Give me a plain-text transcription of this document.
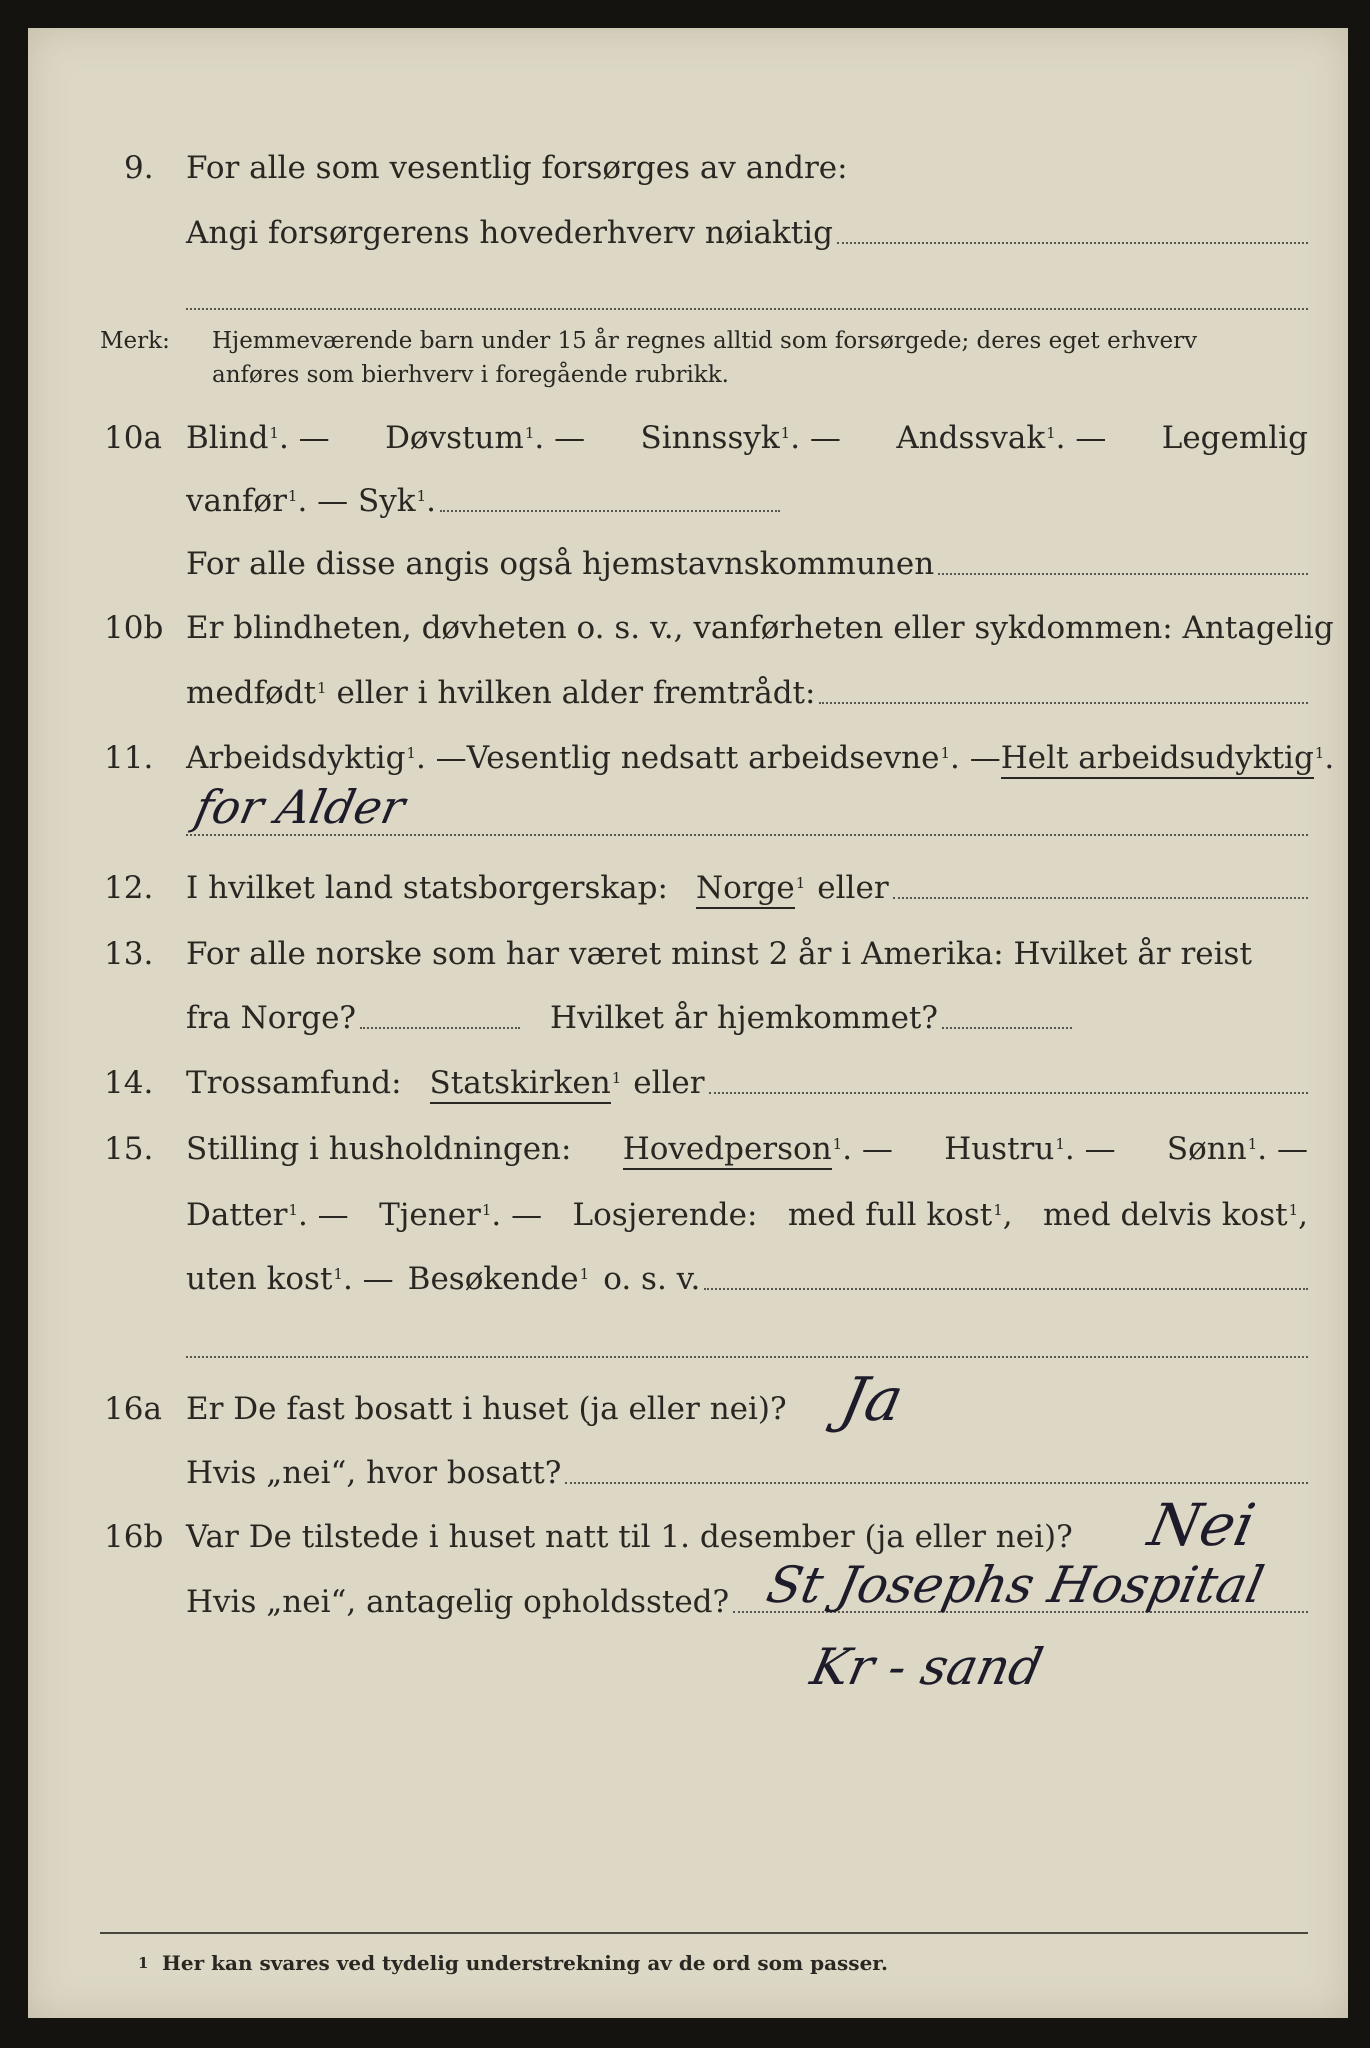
9. For alle som vesentlig forsørges av andre:
Angi forsørgerens hovederhverv nøiaktig
Merk: Hjemmeværende barn under 15 år regnes alltid som forsørgede; deres eget erhverv
anføres som bierhverv i foregående rubrikk.
10a Blind$^1$. — Døvstum$^1$. — Sinnssyk$^1$. — Andssvak$^1$. — Legemlig
vanfør$^1$. — Syk$^1$.
For alle disse angis også hjemstavnskommunen
10b Er blindheten, døvheten o. s. v., vanførheten eller sykdommen: Antagelig
medfødt$^1$ eller i hvilken alder fremtrådt:
11. Arbeidsdyktig$^1$. — Vesentlig nedsatt arbeidsevne$^1$. — Helt arbeidsudyktig$^1$.
for Alder
12. I hvilket land statsborgerskap: Norge$^1$ eller
13. For alle norske som har været minst 2 år i Amerika: Hvilket år reist
fra Norge?	Hvilket år hjemkommet?
14. Trossamfund: Statskirken$^1$ eller
15. Stilling i husholdningen: Hovedperson$^1$. — Hustru$^1$. — Sønn$^1$. —
Datter$^1$. — Tjener$^1$. — Losjerende: med full kost$^1$, med delvis kost$^1$,
uten kost$^1$. — Besøkende$^1$ o. s. v.
16a Er De fast bosatt i huset (ja eller nei)? Ja
Hvis „nei“, hvor bosatt?
16b Var De tilstede i huset natt til 1. desember (ja eller nei)? Nei
Hvis „nei“, antagelig opholdssted? St Josephs Hospital
Kr - sand
1 Her kan svares ved tydelig understrekning av de ord som passer.
